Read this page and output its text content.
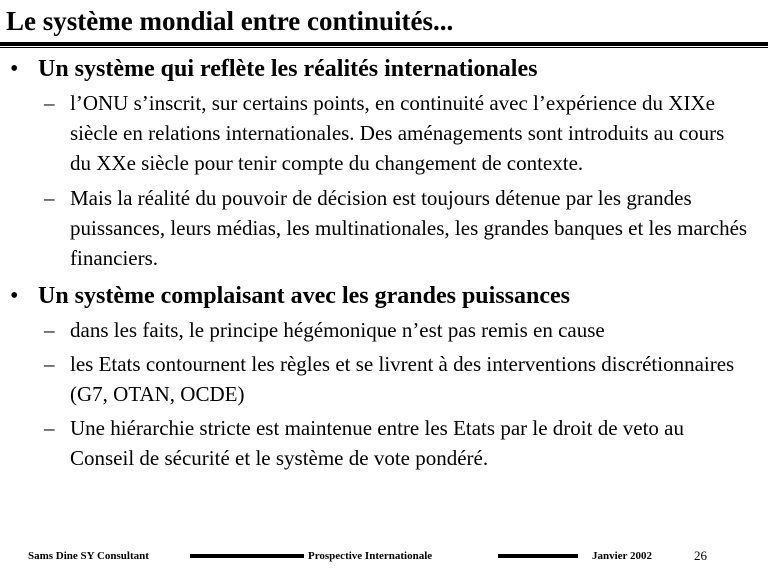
Le système mondial entre continuités...
• Un système qui reflète les réalités internationales
– l’ONU s’inscrit, sur certains points, en continuité avec l’expérience du XIXe siècle en relations internationales. Des aménagements sont introduits au cours du XXe siècle pour tenir compte du changement de contexte.
– Mais la réalité du pouvoir de décision est toujours détenue par les grandes puissances, leurs médias, les multinationales, les grandes banques et les marchés financiers.
• Un système complaisant avec les grandes puissances
– dans les faits, le principe hégémonique n’est pas remis en cause
– les Etats contournent les règles et se livrent à des interventions discrétionnaires (G7, OTAN, OCDE)
– Une hiérarchie stricte est maintenue entre les Etats par le droit de veto au Conseil de sécurité et le système de vote pondéré.
Sams Dine SY Consultant	Prospective Internationale	Janvier 2002	26
